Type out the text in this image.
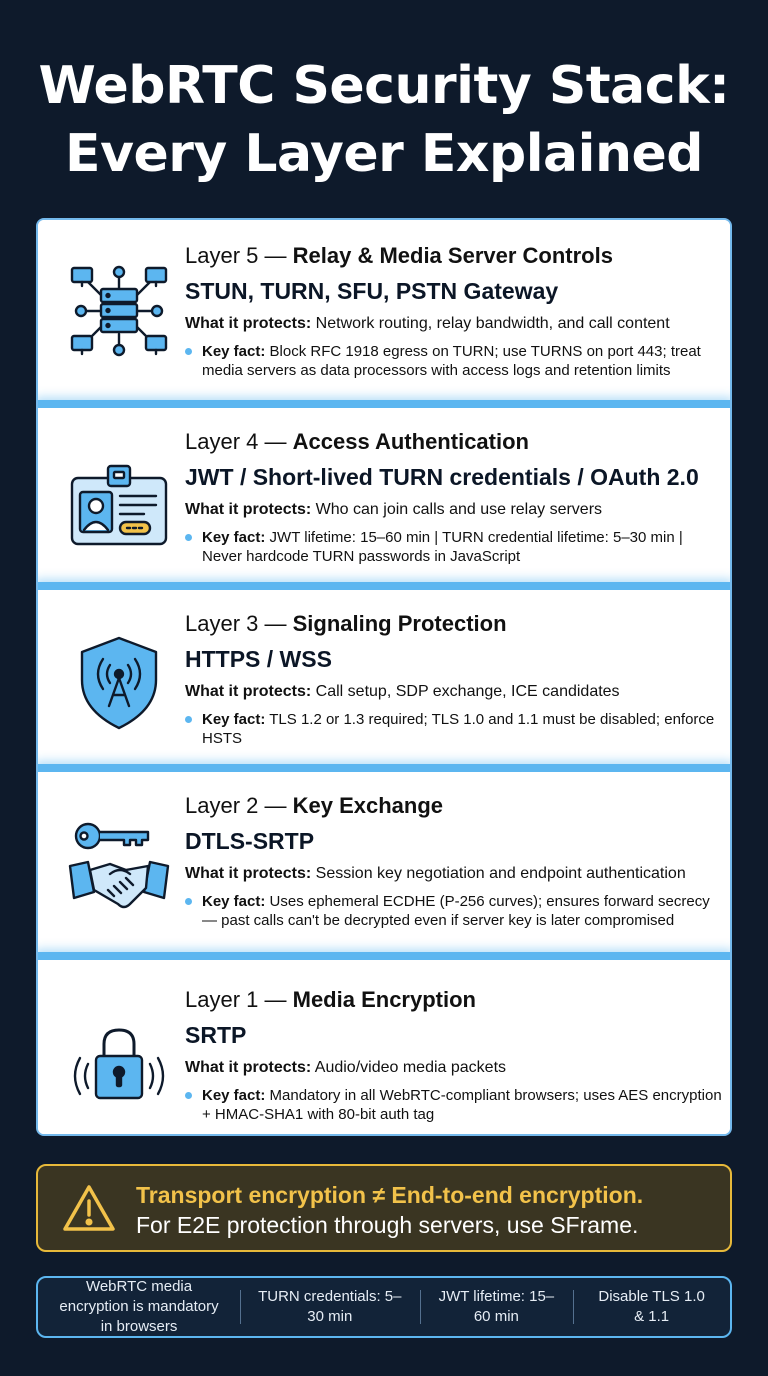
WebRTC Security Stack:
Every Layer Explained
Layer 5 — Relay & Media Server Controls
STUN, TURN, SFU, PSTN Gateway
What it protects: Network routing, relay bandwidth, and call content
Key fact: Block RFC 1918 egress on TURN; use TURNS on port 443; treat media servers as data processors with access logs and retention limits
Layer 4 — Access Authentication
JWT / Short-lived TURN credentials / OAuth 2.0
What it protects: Who can join calls and use relay servers
Key fact: JWT lifetime: 15–60 min | TURN credential lifetime: 5–30 min | Never hardcode TURN passwords in JavaScript
Layer 3 — Signaling Protection
HTTPS / WSS
What it protects: Call setup, SDP exchange, ICE candidates
Key fact: TLS 1.2 or 1.3 required; TLS 1.0 and 1.1 must be disabled; enforce HSTS
Layer 2 — Key Exchange
DTLS-SRTP
What it protects: Session key negotiation and endpoint authentication
Key fact: Uses ephemeral ECDHE (P-256 curves); ensures forward secrecy — past calls can't be decrypted even if server key is later compromised
Layer 1 — Media Encryption
SRTP
What it protects: Audio/video media packets
Key fact: Mandatory in all WebRTC-compliant browsers; uses AES encryption + HMAC-SHA1 with 80-bit auth tag
Transport encryption ≠ End-to-end encryption.
For E2E protection through servers, use SFrame.
WebRTC media encryption is mandatory in browsers
TURN credentials: 5–30 min
JWT lifetime: 15–60 min
Disable TLS 1.0 & 1.1
